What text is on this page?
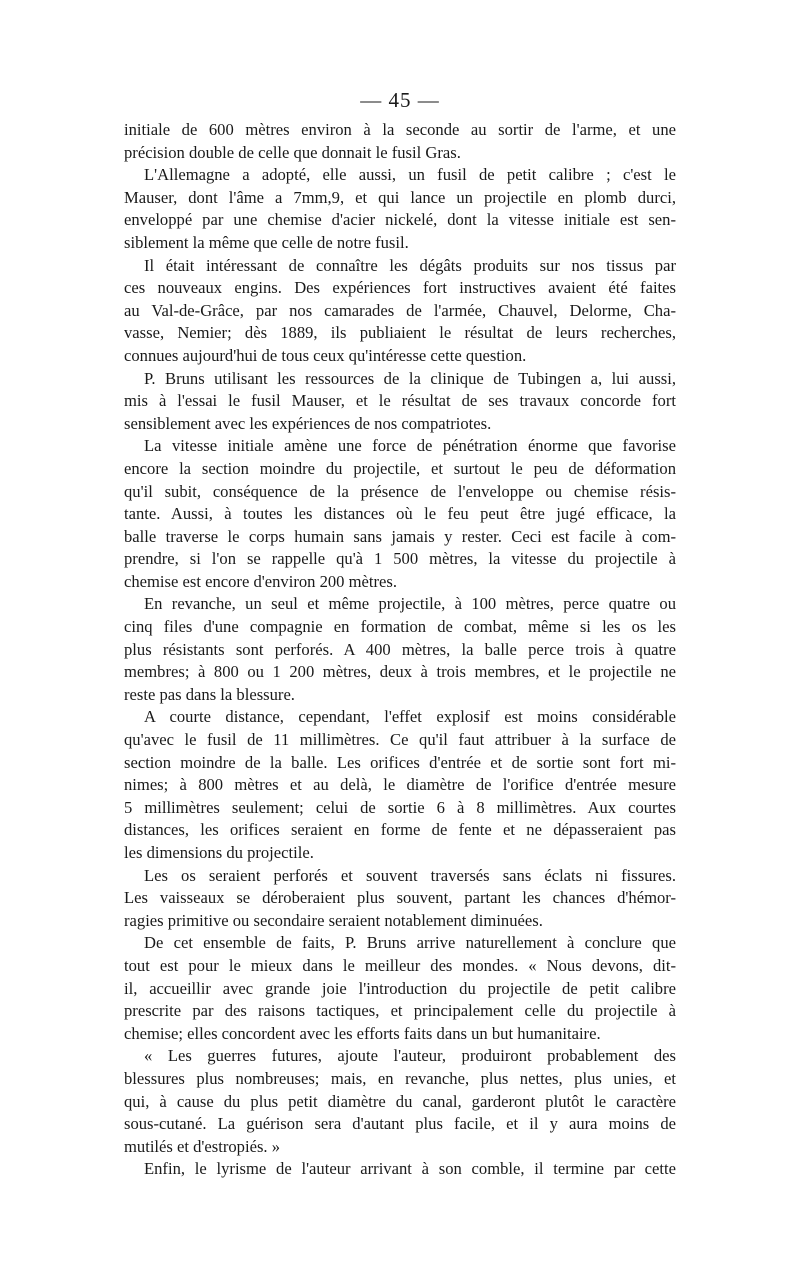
— 45 —
initiale de 600 mètres environ à la seconde au sortir de l'arme, et une
précision double de celle que donnait le fusil Gras.
L'Allemagne a adopté, elle aussi, un fusil de petit calibre ; c'est le
Mauser, dont l'âme a 7mm,9, et qui lance un projectile en plomb durci,
enveloppé par une chemise d'acier nickelé, dont la vitesse initiale est sen-
siblement la même que celle de notre fusil.
Il était intéressant de connaître les dégâts produits sur nos tissus par
ces nouveaux engins. Des expériences fort instructives avaient été faites
au Val-de-Grâce, par nos camarades de l'armée, Chauvel, Delorme, Cha-
vasse, Nemier; dès 1889, ils publiaient le résultat de leurs recherches,
connues aujourd'hui de tous ceux qu'intéresse cette question.
P. Bruns utilisant les ressources de la clinique de Tubingen a, lui aussi,
mis à l'essai le fusil Mauser, et le résultat de ses travaux concorde fort
sensiblement avec les expériences de nos compatriotes.
La vitesse initiale amène une force de pénétration énorme que favorise
encore la section moindre du projectile, et surtout le peu de déformation
qu'il subit, conséquence de la présence de l'enveloppe ou chemise résis-
tante. Aussi, à toutes les distances où le feu peut être jugé efficace, la
balle traverse le corps humain sans jamais y rester. Ceci est facile à com-
prendre, si l'on se rappelle qu'à 1 500 mètres, la vitesse du projectile à
chemise est encore d'environ 200 mètres.
En revanche, un seul et même projectile, à 100 mètres, perce quatre ou
cinq files d'une compagnie en formation de combat, même si les os les
plus résistants sont perforés. A 400 mètres, la balle perce trois à quatre
membres; à 800 ou 1 200 mètres, deux à trois membres, et le projectile ne
reste pas dans la blessure.
A courte distance, cependant, l'effet explosif est moins considérable
qu'avec le fusil de 11 millimètres. Ce qu'il faut attribuer à la surface de
section moindre de la balle. Les orifices d'entrée et de sortie sont fort mi-
nimes; à 800 mètres et au delà, le diamètre de l'orifice d'entrée mesure
5 millimètres seulement; celui de sortie 6 à 8 millimètres. Aux courtes
distances, les orifices seraient en forme de fente et ne dépasseraient pas
les dimensions du projectile.
Les os seraient perforés et souvent traversés sans éclats ni fissures.
Les vaisseaux se déroberaient plus souvent, partant les chances d'hémor-
ragies primitive ou secondaire seraient notablement diminuées.
De cet ensemble de faits, P. Bruns arrive naturellement à conclure que
tout est pour le mieux dans le meilleur des mondes. « Nous devons, dit-
il, accueillir avec grande joie l'introduction du projectile de petit calibre
prescrite par des raisons tactiques, et principalement celle du projectile à
chemise; elles concordent avec les efforts faits dans un but humanitaire.
« Les guerres futures, ajoute l'auteur, produiront probablement des
blessures plus nombreuses; mais, en revanche, plus nettes, plus unies, et
qui, à cause du plus petit diamètre du canal, garderont plutôt le caractère
sous-cutané. La guérison sera d'autant plus facile, et il y aura moins de
mutilés et d'estropiés. »
Enfin, le lyrisme de l'auteur arrivant à son comble, il termine par cette
